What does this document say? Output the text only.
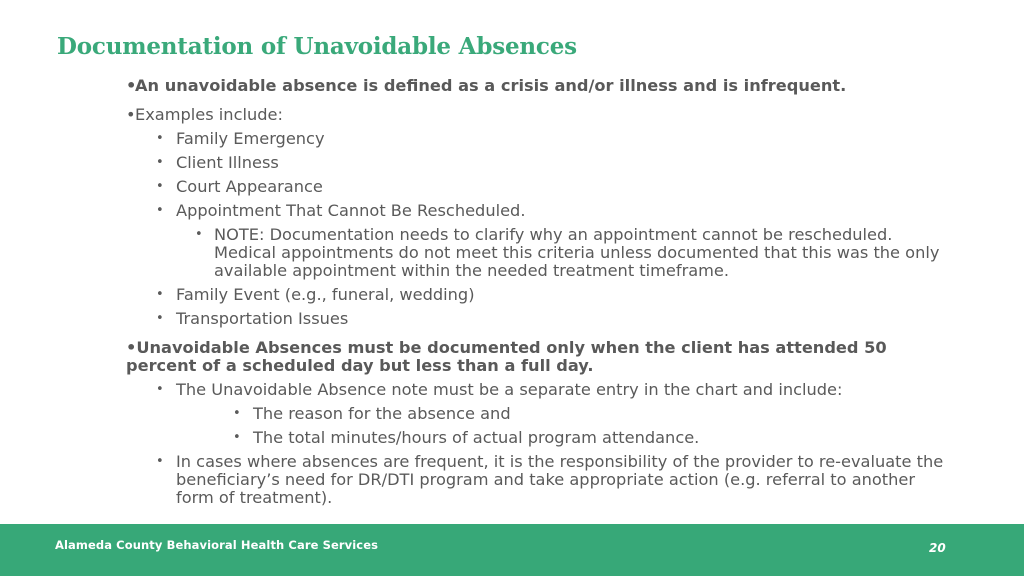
Documentation of Unavoidable Absences

•
An unavoidable absence is defined as a crisis and/or illness and is infrequent.

• Examples include:

• Family Emergency

• Client Illness

• Court Appearance

• Appointment That Cannot Be Rescheduled.

• NOTE: Documentation needs to clarify why an appointment cannot be rescheduled. Medical appointments do not meet this criteria unless documented that this was the only available appointment within the needed treatment timeframe.

• Family Event (e.g., funeral, wedding)

• Transportation Issues

•Unavoidable Absences must be documented only when the client has attended 50 percent of a scheduled day but less than a full day.

• The Unavoidable Absence note must be a separate entry in the chart and include:

• The reason for the absence and

• The total minutes/hours of actual program attendance.

• In cases where absences are frequent, it is the responsibility of the provider to re-evaluate the beneficiary’s need for DR/DTI program and take appropriate action (e.g. referral to another form of treatment).

Alameda County Behavioral Health Care Services	20
